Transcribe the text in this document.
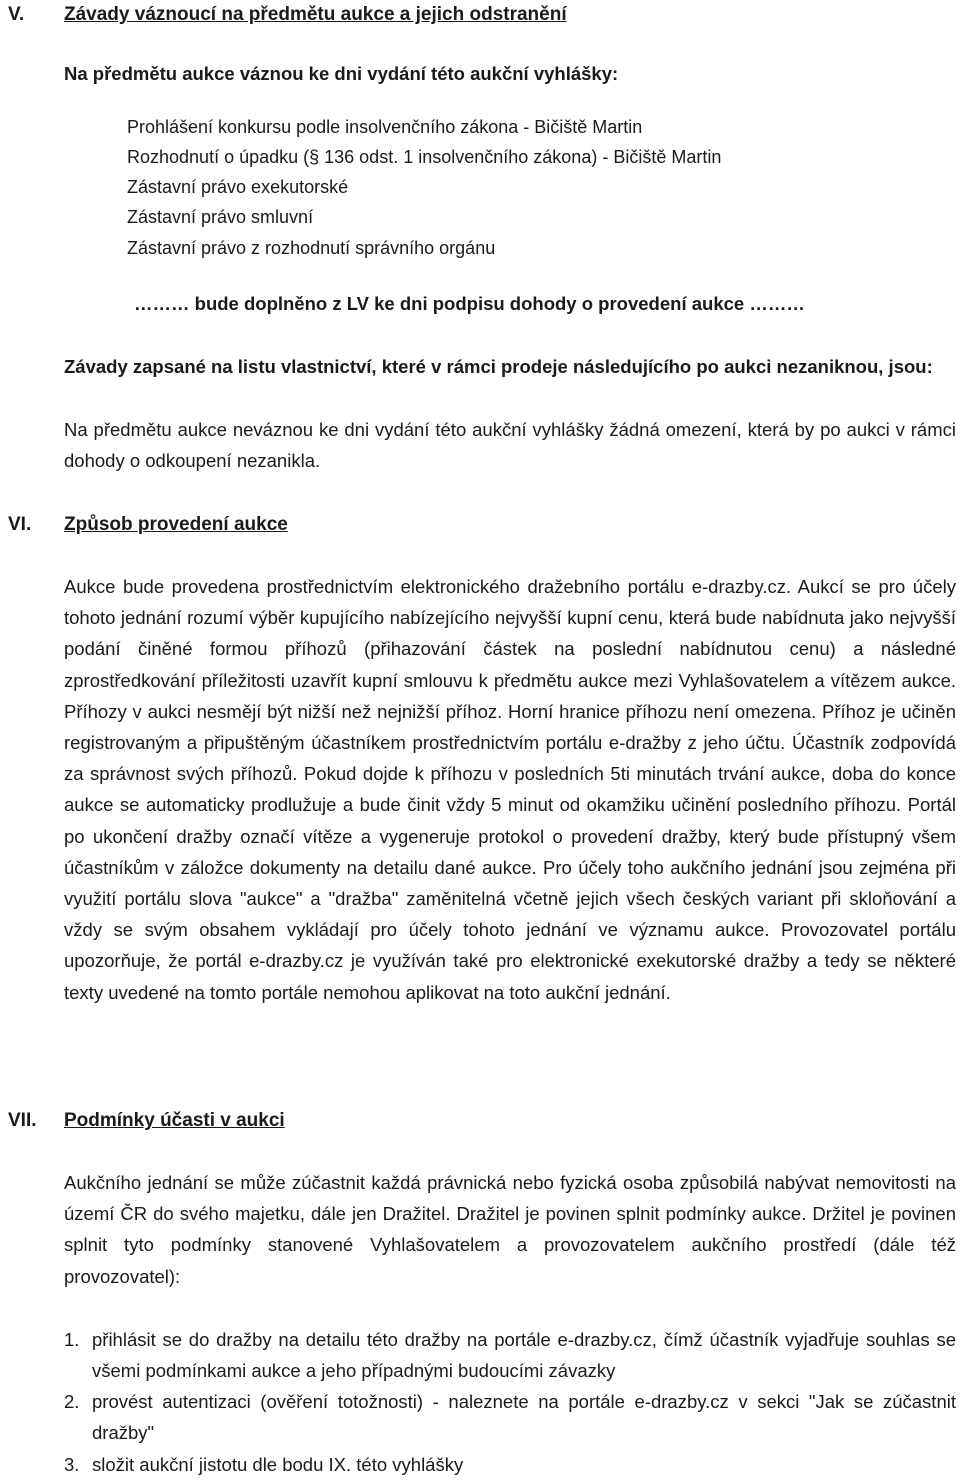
V. Závady váznoucí na předmětu aukce a jejich odstranění
Na předmětu aukce váznou ke dni vydání této aukční vyhlášky:
Prohlášení konkursu podle insolvenčního zákona - Bičiště Martin
Rozhodnutí o úpadku (§ 136 odst. 1 insolvenčního zákona) - Bičiště Martin
Zástavní právo exekutorské
Zástavní právo smluvní
Zástavní právo z rozhodnutí správního orgánu
……… bude doplněno z LV ke dni podpisu dohody o provedení aukce ………
Závady zapsané na listu vlastnictví, které v rámci prodeje následujícího po aukci nezaniknou, jsou:
Na předmětu aukce neváznou ke dni vydání této aukční vyhlášky žádná omezení, která by po aukci v rámci dohody o odkoupení nezanikla.
VI. Způsob provedení aukce
Aukce bude provedena prostřednictvím elektronického dražebního portálu e-drazby.cz. Aukcí se pro účely tohoto jednání rozumí výběr kupujícího nabízejícího nejvyšší kupní cenu, která bude nabídnuta jako nejvyšší podání činěné formou příhozů (přihazování částek na poslední nabídnutou cenu) a následné zprostředkování příležitosti uzavřít kupní smlouvu k předmětu aukce mezi Vyhlašovatelem a vítězem aukce. Příhozy v aukci nesmějí být nižší než nejnižší příhoz. Horní hranice příhozu není omezena. Příhoz je učiněn registrovaným a připuštěným účastníkem prostřednictvím portálu e-dražby z jeho účtu. Účastník zodpovídá za správnost svých příhozů. Pokud dojde k příhozu v posledních 5ti minutách trvání aukce, doba do konce aukce se automaticky prodlužuje a bude činit vždy 5 minut od okamžiku učinění posledního příhozu. Portál po ukončení dražby označí vítěze a vygeneruje protokol o provedení dražby, který bude přístupný všem účastníkům v záložce dokumenty na detailu dané aukce. Pro účely toho aukčního jednání jsou zejména při využití portálu slova "aukce" a "dražba" zaměnitelná včetně jejich všech českých variant při skloňování a vždy se svým obsahem vykládají pro účely tohoto jednání ve významu aukce. Provozovatel portálu upozorňuje, že portál e-drazby.cz je využíván také pro elektronické exekutorské dražby a tedy se některé texty uvedené na tomto portále nemohou aplikovat na toto aukční jednání.
VII. Podmínky účasti v aukci
Aukčního jednání se může zúčastnit každá právnická nebo fyzická osoba způsobilá nabývat nemovitosti na území ČR do svého majetku, dále jen Dražitel. Dražitel je povinen splnit podmínky aukce. Držitel je povinen splnit tyto podmínky stanovené Vyhlašovatelem a provozovatelem aukčního prostředí (dále též provozovatel):
1. přihlásit se do dražby na detailu této dražby na portále e-drazby.cz, čímž účastník vyjadřuje souhlas se všemi podmínkami aukce a jeho případnými budoucími závazky
2. provést autentizaci (ověření totožnosti) - naleznete na portále e-drazby.cz v sekci "Jak se zúčastnit dražby"
3. složit aukční jistotu dle bodu IX. této vyhlášky
